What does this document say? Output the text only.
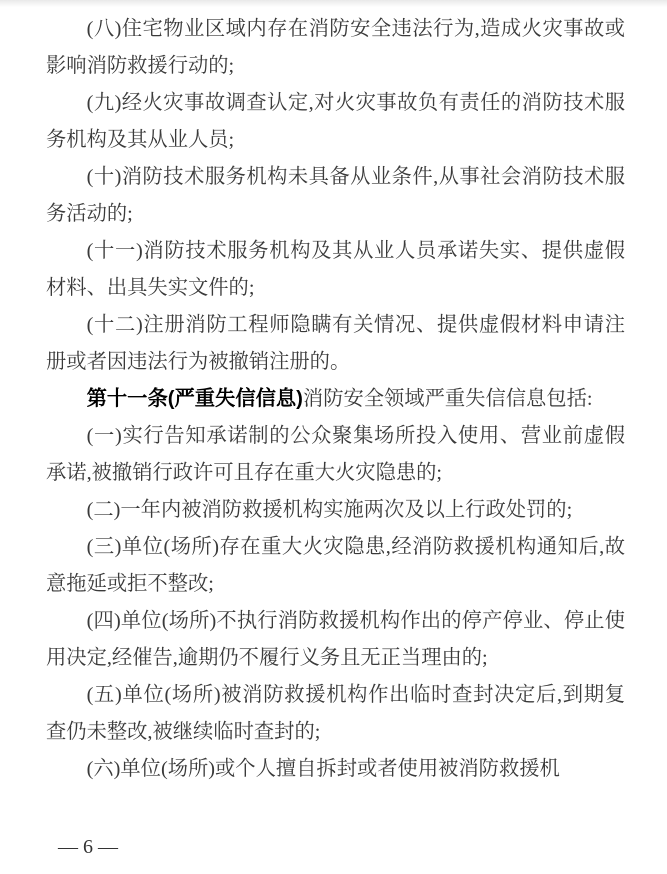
(八)住宅物业区域内存在消防安全违法行为,造成火灾事故或影响消防救援行动的;

(九)经火灾事故调查认定,对火灾事故负有责任的消防技术服务机构及其从业人员;

(十)消防技术服务机构未具备从业条件,从事社会消防技术服务活动的;

(十一)消防技术服务机构及其从业人员承诺失实、提供虚假材料、出具失实文件的;

(十二)注册消防工程师隐瞒有关情况、提供虚假材料申请注册或者因违法行为被撤销注册的。

第十一条(严重失信信息)消防安全领域严重失信信息包括:

(一)实行告知承诺制的公众聚集场所投入使用、营业前虚假承诺,被撤销行政许可且存在重大火灾隐患的;

(二)一年内被消防救援机构实施两次及以上行政处罚的;

(三)单位(场所)存在重大火灾隐患,经消防救援机构通知后,故意拖延或拒不整改;

(四)单位(场所)不执行消防救援机构作出的停产停业、停止使用决定,经催告,逾期仍不履行义务且无正当理由的;

(五)单位(场所)被消防救援机构作出临时查封决定后,到期复查仍未整改,被继续临时查封的;

(六)单位(场所)或个人擅自拆封或者使用被消防救援机

— 6 —
